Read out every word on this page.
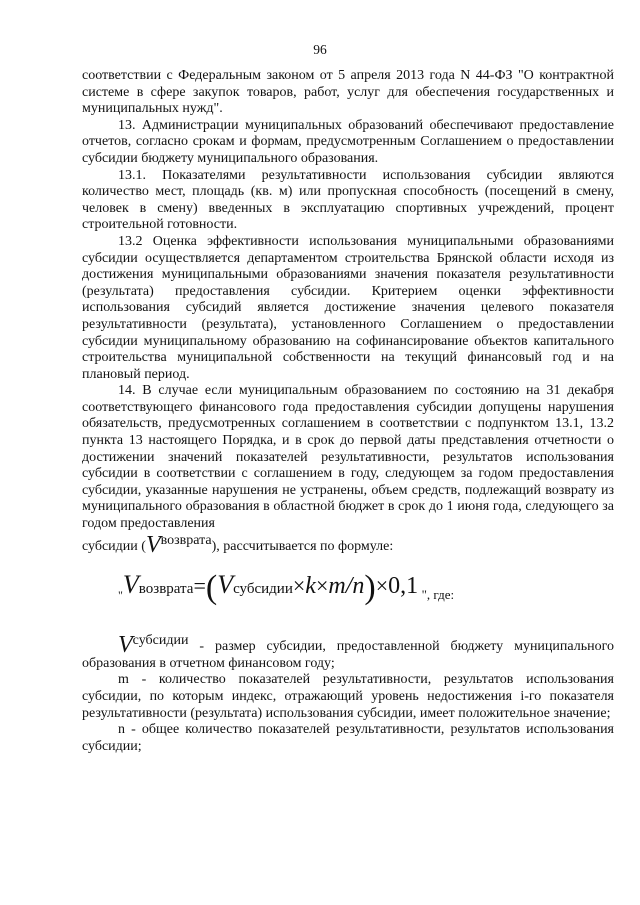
96

соответствии с Федеральным законом от 5 апреля 2013 года N 44-ФЗ "О контрактной системе в сфере закупок товаров, работ, услуг для обеспечения государственных и муниципальных нужд".

13. Администрации муниципальных образований обеспечивают предоставление отчетов, согласно срокам и формам, предусмотренным Соглашением о предоставлении субсидии бюджету муниципального образования.

13.1. Показателями результативности использования субсидии являются количество мест, площадь (кв. м) или пропускная способность (посещений в смену, человек в смену) введенных в эксплуатацию спортивных учреждений, процент строительной готовности.

13.2 Оценка эффективности использования муниципальными образованиями субсидии осуществляется департаментом строительства Брянской области исходя из достижения муниципальными образованиями значения показателя результативности (результата) предоставления субсидии. Критерием оценки эффективности использования субсидий является достижение значения целевого показателя результативности (результата), установленного Соглашением о предоставлении субсидии муниципальному образованию на софинансирование объектов капитального строительства муниципальной собственности на текущий финансовый год и на плановый период.

14. В случае если муниципальным образованием по состоянию на 31 декабря соответствующего финансового года предоставления субсидии допущены нарушения обязательств, предусмотренных соглашением в соответствии с подпунктом 13.1, 13.2 пункта 13 настоящего Порядка, и в срок до первой даты представления отчетности о достижении значений показателей результативности, результатов использования субсидии в соответствии с соглашением в году, следующем за годом предоставления субсидии, указанные нарушения не устранены, объем средств, подлежащий возврату из муниципального образования в областной бюджет в срок до 1 июня года, следующего за годом предоставления

субсидии (Vвозврата), рассчитывается по формуле:

"Vвозврата=(Vсубсидии×k×m/n)×0,1 ", где:

Vсубсидии - размер субсидии, предоставленной бюджету муниципального образования в отчетном финансовом году;

m - количество показателей результативности, результатов использования субсидии, по которым индекс, отражающий уровень недостижения i-го показателя результативности (результата) использования субсидии, имеет положительное значение;

n - общее количество показателей результативности, результатов использования субсидии;
